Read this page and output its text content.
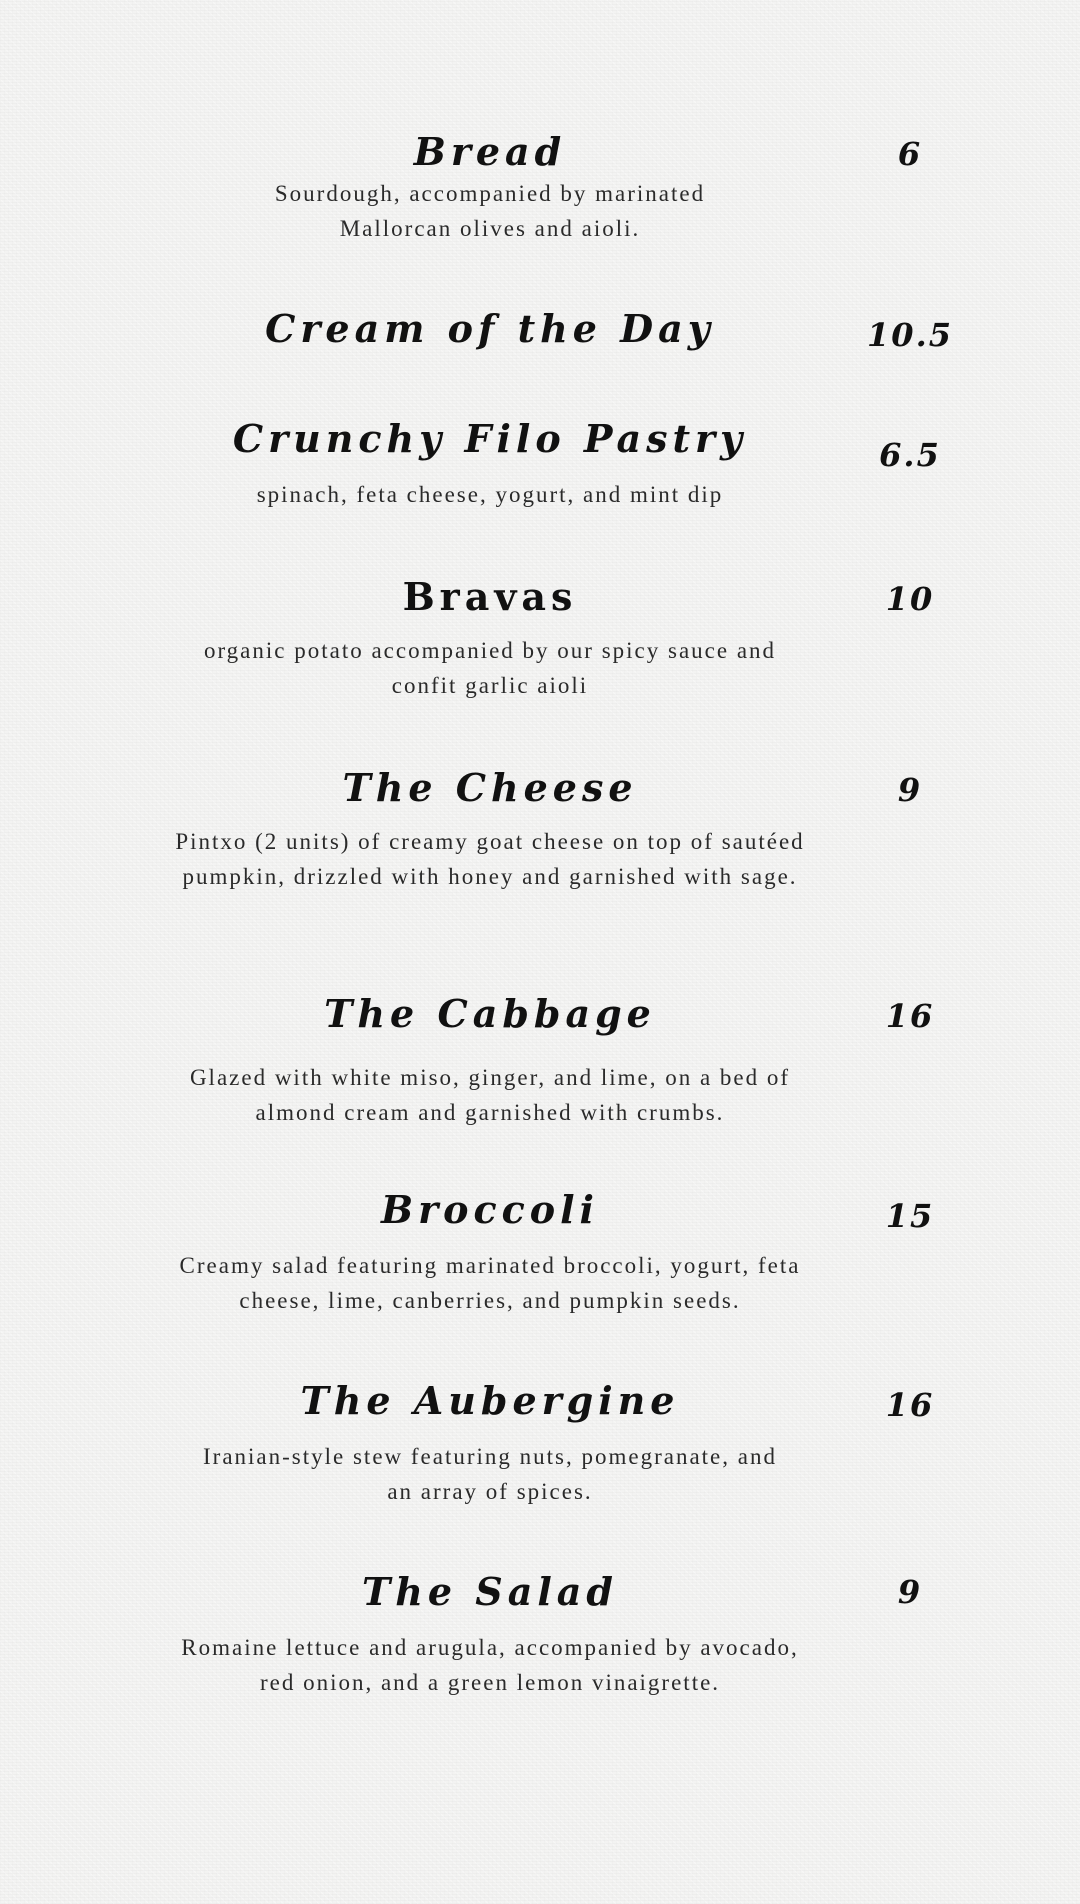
Bread	6

Sourdough, accompanied by marinated Mallorcan olives and aioli.

Cream of the Day	10.5
Crunchy Filo Pastry	6.5

spinach, feta cheese, yogurt, and mint dip

Bravas	10

organic potato accompanied by our spicy sauce and confit garlic aioli

The Cheese	9

Pintxo (2 units) of creamy goat cheese on top of sautéed pumpkin, drizzled with honey and garnished with sage.

The Cabbage	16

Glazed with white miso, ginger, and lime, on a bed of almond cream and garnished with crumbs.

Broccoli	15

Creamy salad featuring marinated broccoli, yogurt, feta cheese, lime, canberries, and pumpkin seeds.

The Aubergine	16

Iranian-style stew featuring nuts, pomegranate, and an array of spices.

The Salad	9

Romaine lettuce and arugula, accompanied by avocado, red onion, and a green lemon vinaigrette.
